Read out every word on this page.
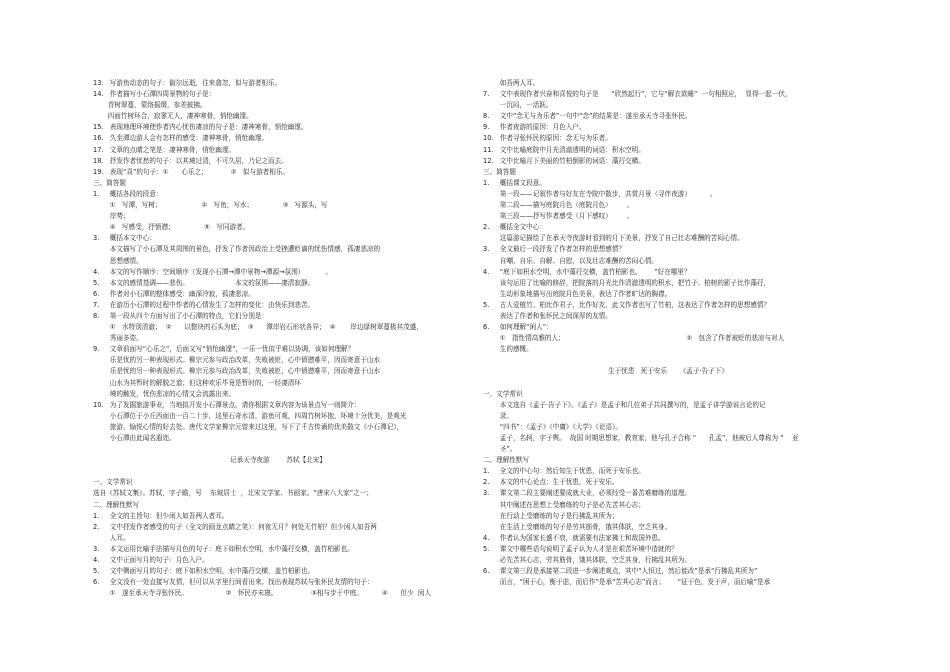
13.   写游鱼动态的句子：俶尔远逝，往来翕忽，似与游者相乐。
14.   作者描写小石潭四周景物的句子是：
青树翠蔓，蒙络摇缀，参差披拂。
四面竹树环合，寂寥无人，凄神寒骨，悄怆幽邃。
15.   表现地理环境使作者内心忧伤凄凉的句子是：凄神寒骨，悄怆幽邃。
16.   久坐潭边游人会有怎样的感受：凄神寒骨，悄怆幽邃。
17.   文章的点睛之笔是：凄神寒骨，悄怆幽邃。
18.   抒发作者忧愁的句子：以其境过清，不可久居，乃记之而去。
19.   表现“喜”的句子：①      心乐之；           ②   似与游者相乐。
三、简答题
1.     概括各段的段意：
①   写潭，写树；                   ②   写鱼，写水；              ③   写源头，写
岸势；
④   写感受，抒愤懑；              ⑤   写同游者。
3.     概括本文中心：
本文描写了小石潭及其周围的景色，抒发了作者因政治上受挫遭贬谪的忧伤情感，孤凄悲凉的
思想感情。
4.     本文的写作顺序：空间顺序（发现小石潭→潭中景物→潭源→氛围）          。
5.     本文的感情基调——悲伤。                      本文的氛围——凄清寂静。
6.     作者对小石潭的整体感受：幽深冷寂，孤凄悲凉。
7.     在游历小石潭的过程中作者的心情发生了怎样的变化：由快乐到悲苦。
8.     第一段从四个方面写出了小石潭的特点，它们分别是：
①   水特别清澈；  ②      以整块的石头为底；  ③      潭岸岩石形状各异；  ④       岸边绿树翠蔓极其茂盛，
秀丽多姿。
9.     文章前面写“心乐之”，后面又写“悄怆幽邃”，一乐一忧似乎难以协调，该如何理解？
乐是忧的另一种表现形式。柳宗元参与政治改革，失败被贬，心中愤懑难平，因而寄意于山水
乐是忧的另一种表现形式。柳宗元参与政治改革，失败被贬，心中愤懑难平，因而寄意于山水
山水为其暂时的解脱之道；但这种欢乐毕竟是暂时的，一经凄清环
境的触发，忧伤悲凉的心情又会流露出来。
10.   为了发掘旅游事业，当地拟开发小石潭景点，请你根据文章内容为该景点写一则简介：
小石潭位于小丘西面由一百二十步，这里石奇水清，游鱼可观，四周竹树环抱，环境十分优美，是观光
旅游，愉悦心情的好去处。唐代文学家柳宗元曾来过这里，写下了千古传诵的优美散文《小石潭记》，
小石潭由此闻名遐迩。
记承天寺夜游        苏轼【北宋】
一、文学常识
选自《苏轼文集》。苏轼，字子瞻，号    东坡居士  ，北宋文学家、书画家。“唐宋八大家”之一；
二、理解性默写
1.     全文的主旨句：但少闲人如吾两人者耳。
2.     文中抒发作者感受的句子（全文的画龙点睛之笔）：何夜无月？何处无竹柏？但少闲人如吾两
人耳。
3.     本文运用比喻手法描写月色的句子：庭下如积水空明，水中藻荇交横，盖竹柏影也。
4.     文中正面写月的句子：月色入户。
5.     文中侧面写月的句子：庭下如积水空明，水中藻荇交横，盖竹柏影也。
6.     全文没有一处直接写友情，但可以从字里行间看出来。找出表现苏轼与张怀民友情的句子：
①   遂至承天寺寻张怀民。                  ②   怀民亦未寝。                ③相与步于中庭。         ④      但少  闲人
如吾两人耳。
7.     文中表现作者兴奋和喜悦的句子是      “欣然起行”，它与“解衣欲睡”  一句相照应，  显得一起一伏，
一沉闷，一活跃。
8.     文中“念无与为乐者”一句中“念”的结果是：遂至承天寺寻张怀民。
9.     作者夜游的原因：月色入户。
10.   作者寻张怀民的原因：念无与为乐者。
11.   文中比喻庭院中月光清澈透明的词语：积水空明。
12.   文中比喻月下美丽的竹柏倒影的词语：藻荇交横。
三、简答题
1.     概括课文段意。
第一段——记叙作者与好友在寺院中散步，共赏月景（寻伴夜游）         。
第二段——描写庭院月色（庭院月色）       。
第三段——抒写作者感受（月下感叹）       。
2.     概括全文中心：
这篇游记描绘了在承天寺夜游时看到的月下美景，抒发了自己壮志难酬的苦闷心情。
3.     全文最后一段抒发了作者怎样的思想感情？
自嘲、自乐、自解、自慰，以及壮志难酬的苦闷心情。
4.     “庭下如积水空明，水中藻荇交横，盖竹柏影也。      ”好在哪里？
该句运用了比喻的修辞，把院落的月光比作清澈透明的积水，把竹子、柏树的影子比作藻荇，
生动形象地描写出庭院月色美景，表达了作者旷达的胸襟。
5.     古人爱植竹、柏比作君子，比作好友，此文作者也写了竹柏，这表达了作者怎样的思想感情？
表达了作者和张怀民之间深厚的友情。
6.     如何理解“闲人”：
①   指性情高雅的人；                                                          ②   包含了作者被贬的悲凉与对人
生的感慨。
生于忧患   死于安乐      《孟子·告子下》
一、文学常识
本文选自《孟子·告子下》。《孟子》是孟子和几位弟子共同撰写的，是孟子讲学游说言论的记
录。
“四书”：《孟子》《中庸》《大学》《论语》。
孟子，名轲，字子舆。  战国 时期思想家、教育家，他与孔子合称 “      孔孟”，他被后人尊称为 “    亚
圣”。
二、理解性默写
1.     全文的中心句：然后知生于忧患，而死于安乐也。
2.     本文的中心论点：生于忧患，死于安乐。
3.     课文第二段主要阐述要成就大业，必须经受一番苦难磨练的道理。
其中阐述在思想上受磨练的句子是必先苦其心志；
在行动上受磨练的句子是行拂乱其所为；
在生活上受磨练的句子是劳其筋骨，饿其体肤，空乏其身。
4.     作者认为国家长盛不衰，就需要有法家拂士和敌国外患。
5.     课文中哪些语句说明了孟子认为人才是在艰苦环境中造就的？
必先苦其心志，劳其筋骨，饿其体肤，空乏其身，行拂乱其所为。
6.     课文第三段是承接第二段进一步阐述观点，其中“人恒过，然后能改”是承“行拂乱其所为”
而言，“困于心，衡于虑，而后作”是承“苦其心志”而言；      “征于色，发于声，而后喻”是承
